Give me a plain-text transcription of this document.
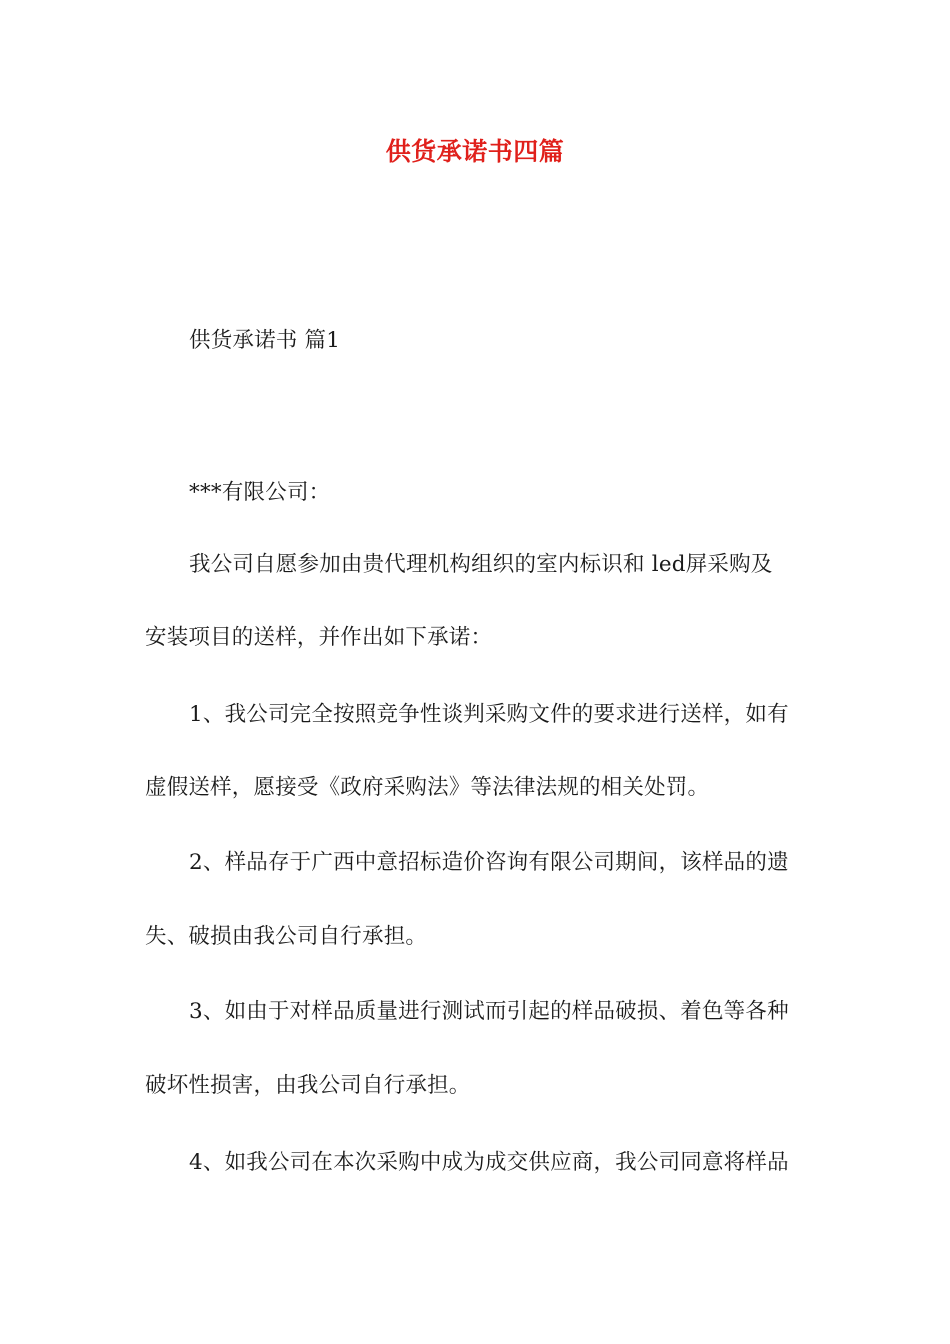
供货承诺书四篇
供货承诺书 篇1
***有限公司：
我公司自愿参加由贵代理机构组织的室内标识和 led屏采购及
安装项目的送样，并作出如下承诺：
1、我公司完全按照竞争性谈判采购文件的要求进行送样，如有
虚假送样，愿接受《政府采购法》等法律法规的相关处罚。
2、样品存于广西中意招标造价咨询有限公司期间，该样品的遗
失、破损由我公司自行承担。
3、如由于对样品质量进行测试而引起的样品破损、着色等各种
破坏性损害，由我公司自行承担。
4、如我公司在本次采购中成为成交供应商，我公司同意将样品
